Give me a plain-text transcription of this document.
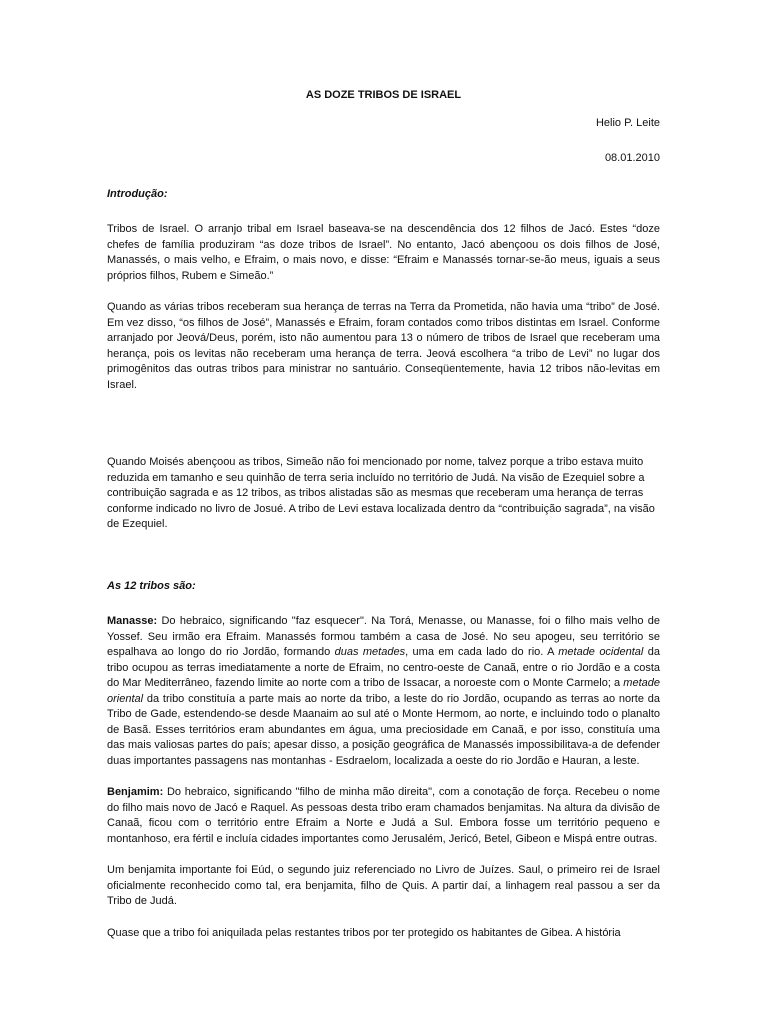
AS DOZE TRIBOS DE ISRAEL
Helio P. Leite
08.01.2010
Introdução:

Tribos de Israel. O arranjo tribal em Israel baseava-se na descendência dos 12 filhos de Jacó. Estes “doze chefes de família produziram “as doze tribos de Israel”. No entanto, Jacó abençoou os dois filhos de José, Manassés, o mais velho, e Efraim, o mais novo, e disse: “Efraim e Manassés tornar-se-ão meus, iguais a seus próprios filhos, Rubem e Simeão.”

Quando as várias tribos receberam sua herança de terras na Terra da Prometida, não havia uma “tribo” de José. Em vez disso, “os filhos de José”, Manassés e Efraim, foram contados como tribos distintas em Israel. Conforme arranjado por Jeová/Deus, porém, isto não aumentou para 13 o número de tribos de Israel que receberam uma herança, pois os levitas não receberam uma herança de terra. Jeová escolhera “a tribo de Levi” no lugar dos primogênitos das outras tribos para ministrar no santuário. Conseqüentemente, havia 12 tribos não-levitas em Israel.

Quando Moisés abençoou as tribos, Simeão não foi mencionado por nome, talvez porque a tribo estava muito reduzida em tamanho e seu quinhão de terra seria incluído no território de Judá. Na visão de Ezequiel sobre a contribuição sagrada e as 12 tribos, as tribos alistadas são as mesmas que receberam uma herança de terras conforme indicado no livro de Josué. A tribo de Levi estava localizada dentro da “contribuição sagrada”, na visão de Ezequiel.

As 12 tribos são:

Manasse: Do hebraico, significando "faz esquecer". Na Torá, Menasse, ou Manasse, foi o filho mais velho de Yossef. Seu irmão era Efraim. Manassés formou também a casa de José. No seu apogeu, seu território se espalhava ao longo do rio Jordão, formando duas metades, uma em cada lado do rio. A metade ocidental da tribo ocupou as terras imediatamente a norte de Efraim, no centro-oeste de Canaã, entre o rio Jordão e a costa do Mar Mediterrâneo, fazendo limite ao norte com a tribo de Issacar, a noroeste com o Monte Carmelo; a metade oriental da tribo constituía a parte mais ao norte da tribo, a leste do rio Jordão, ocupando as terras ao norte da Tribo de Gade, estendendo-se desde Maanaim ao sul até o Monte Hermom, ao norte, e incluindo todo o planalto de Basã. Esses territórios eram abundantes em água, uma preciosidade em Canaã, e por isso, constituía uma das mais valiosas partes do país; apesar disso, a posição geográfica de Manassés impossibilitava-a de defender duas importantes passagens nas montanhas - Esdraelom, localizada a oeste do rio Jordão e Hauran, a leste.

Benjamim: Do hebraico, significando "filho de minha mão direita", com a conotação de força. Recebeu o nome do filho mais novo de Jacó e Raquel. As pessoas desta tribo eram chamados benjamitas. Na altura da divisão de Canaã, ficou com o território entre Efraim a Norte e Judá a Sul. Embora fosse um território pequeno e montanhoso, era fértil e incluía cidades importantes como Jerusalém, Jericó, Betel, Gibeon e Mispá entre outras.

Um benjamita importante foi Eúd, o segundo juiz referenciado no Livro de Juízes. Saul, o primeiro rei de Israel oficialmente reconhecido como tal, era benjamita, filho de Quis. A partir daí, a linhagem real passou a ser da Tribo de Judá.

Quase que a tribo foi aniquilada pelas restantes tribos por ter protegido os habitantes de Gibea. A história
